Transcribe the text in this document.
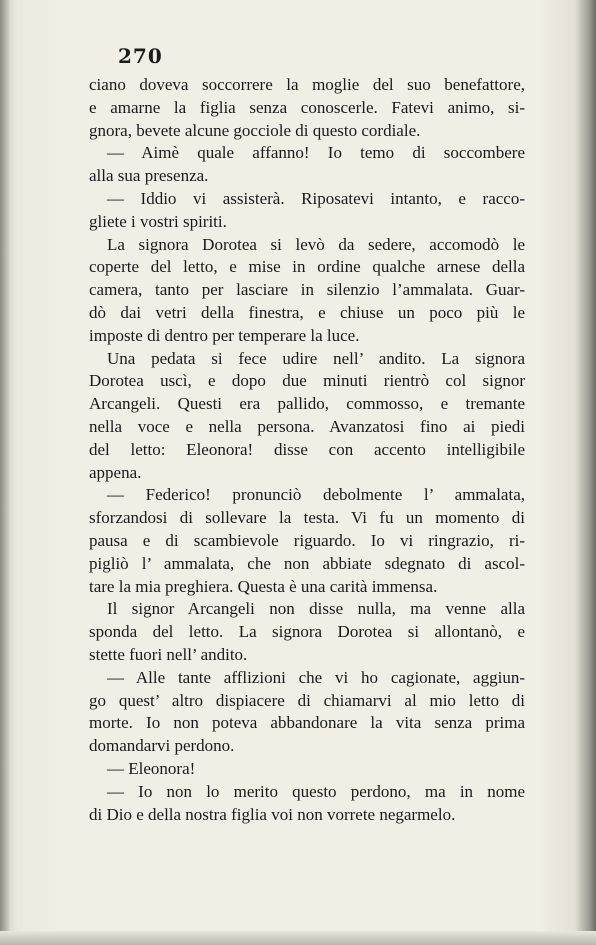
270
ciano doveva soccorrere la moglie del suo benefattore,
e amarne la figlia senza conoscerle. Fatevi animo, si-
gnora, bevete alcune gocciole di questo cordiale.
— Aimè quale affanno! Io temo di soccombere
alla sua presenza.
— Iddio vi assisterà. Riposatevi intanto, e racco-
gliete i vostri spiriti.
La signora Dorotea si levò da sedere, accomodò le
coperte del letto, e mise in ordine qualche arnese della
camera, tanto per lasciare in silenzio l’ammalata. Guar-
dò dai vetri della finestra, e chiuse un poco più le
imposte di dentro per temperare la luce.
Una pedata si fece udire nell’ andito. La signora
Dorotea uscì, e dopo due minuti rientrò col signor
Arcangeli. Questi era pallido, commosso, e tremante
nella voce e nella persona. Avanzatosi fino ai piedi
del letto: Eleonora! disse con accento intelligibile
appena.
— Federico! pronunciò debolmente l’ ammalata,
sforzandosi di sollevare la testa. Vi fu un momento di
pausa e di scambievole riguardo. Io vi ringrazio, ri-
pigliò l’ ammalata, che non abbiate sdegnato di ascol-
tare la mia preghiera. Questa è una carità immensa.
Il signor Arcangeli non disse nulla, ma venne alla
sponda del letto. La signora Dorotea si allontanò, e
stette fuori nell’ andito.
— Alle tante afflizioni che vi ho cagionate, aggiun-
go quest’ altro dispiacere di chiamarvi al mio letto di
morte. Io non poteva abbandonare la vita senza prima
domandarvi perdono.
— Eleonora!
— Io non lo merito questo perdono, ma in nome
di Dio e della nostra figlia voi non vorrete negarmelo.
